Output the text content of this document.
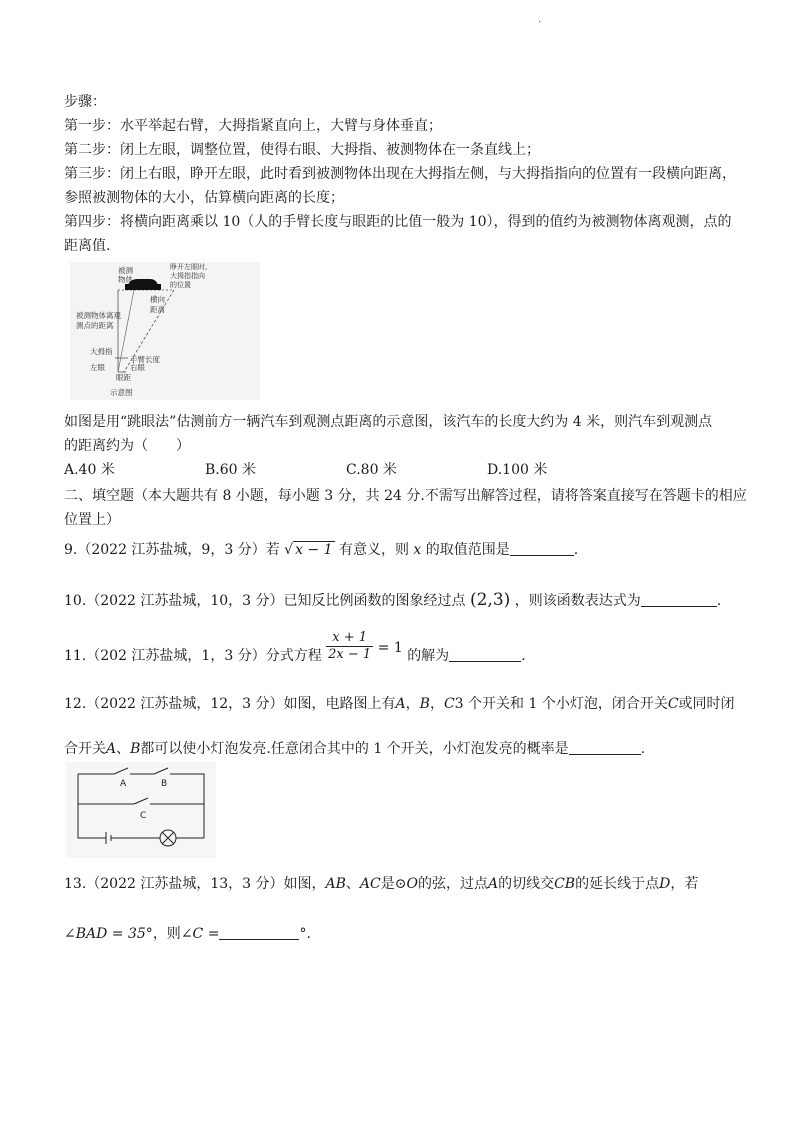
.
步骤：
第一步：水平举起右臂，大拇指紧直向上，大臂与身体垂直；
第二步：闭上左眼，调整位置，使得右眼、大拇指、被测物体在一条直线上；
第三步：闭上右眼，睁开左眼，此时看到被测物体出现在大拇指左侧，与大拇指指向的位置有一段横向距离，
参照被测物体的大小，估算横向距离的长度；
第四步：将横向距离乘以 10（人的手臂长度与眼距的比值一般为 10），得到的值约为被测物体离观测，点的
距离值.
被测
物体
睁开左眼时,
大拇指指向
的位置
横向
距离
被测物体离观
测点的距离
大拇指
手臂长度
左眼	右眼
眼距
示意图
如图是用“跳眼法”估测前方一辆汽车到观测点距离的示意图，该汽车的长度大约为 4 米，则汽车到观测点
的距离约为（　　）
A.40 米	B.60 米	C.80 米	D.100 米
二、填空题（本大题共有 8 小题，每小题 3 分，共 24 分.不需写出解答过程，请将答案直接写在答题卡的相应
位置上）
9.（2022 江苏盐城，9，3 分）若 √ x − 1 有意义，则 x 的取值范围是	.
10.（2022 江苏盐城，10，3 分）已知反比例函数的图象经过点 (2,3) ，则该函数表达式为	.
11.（202 江苏盐城，1，3 分）分式方程 $\frac{x + 1}{2x - 1} = 1$ 的解为	.
12.（2022 江苏盐城，12，3 分）如图，电路图上有A，B，C3 个开关和 1 个小灯泡，闭合开关C或同时闭
合开关A、B都可以使小灯泡发亮.任意闭合其中的 1 个开关，小灯泡发亮的概率是	.
A	B
C
13.（2022 江苏盐城，13，3 分）如图，AB、AC是⊙O的弦，过点A的切线交CB的延长线于点D，若
∠BAD = 35°，则∠C =	°.
